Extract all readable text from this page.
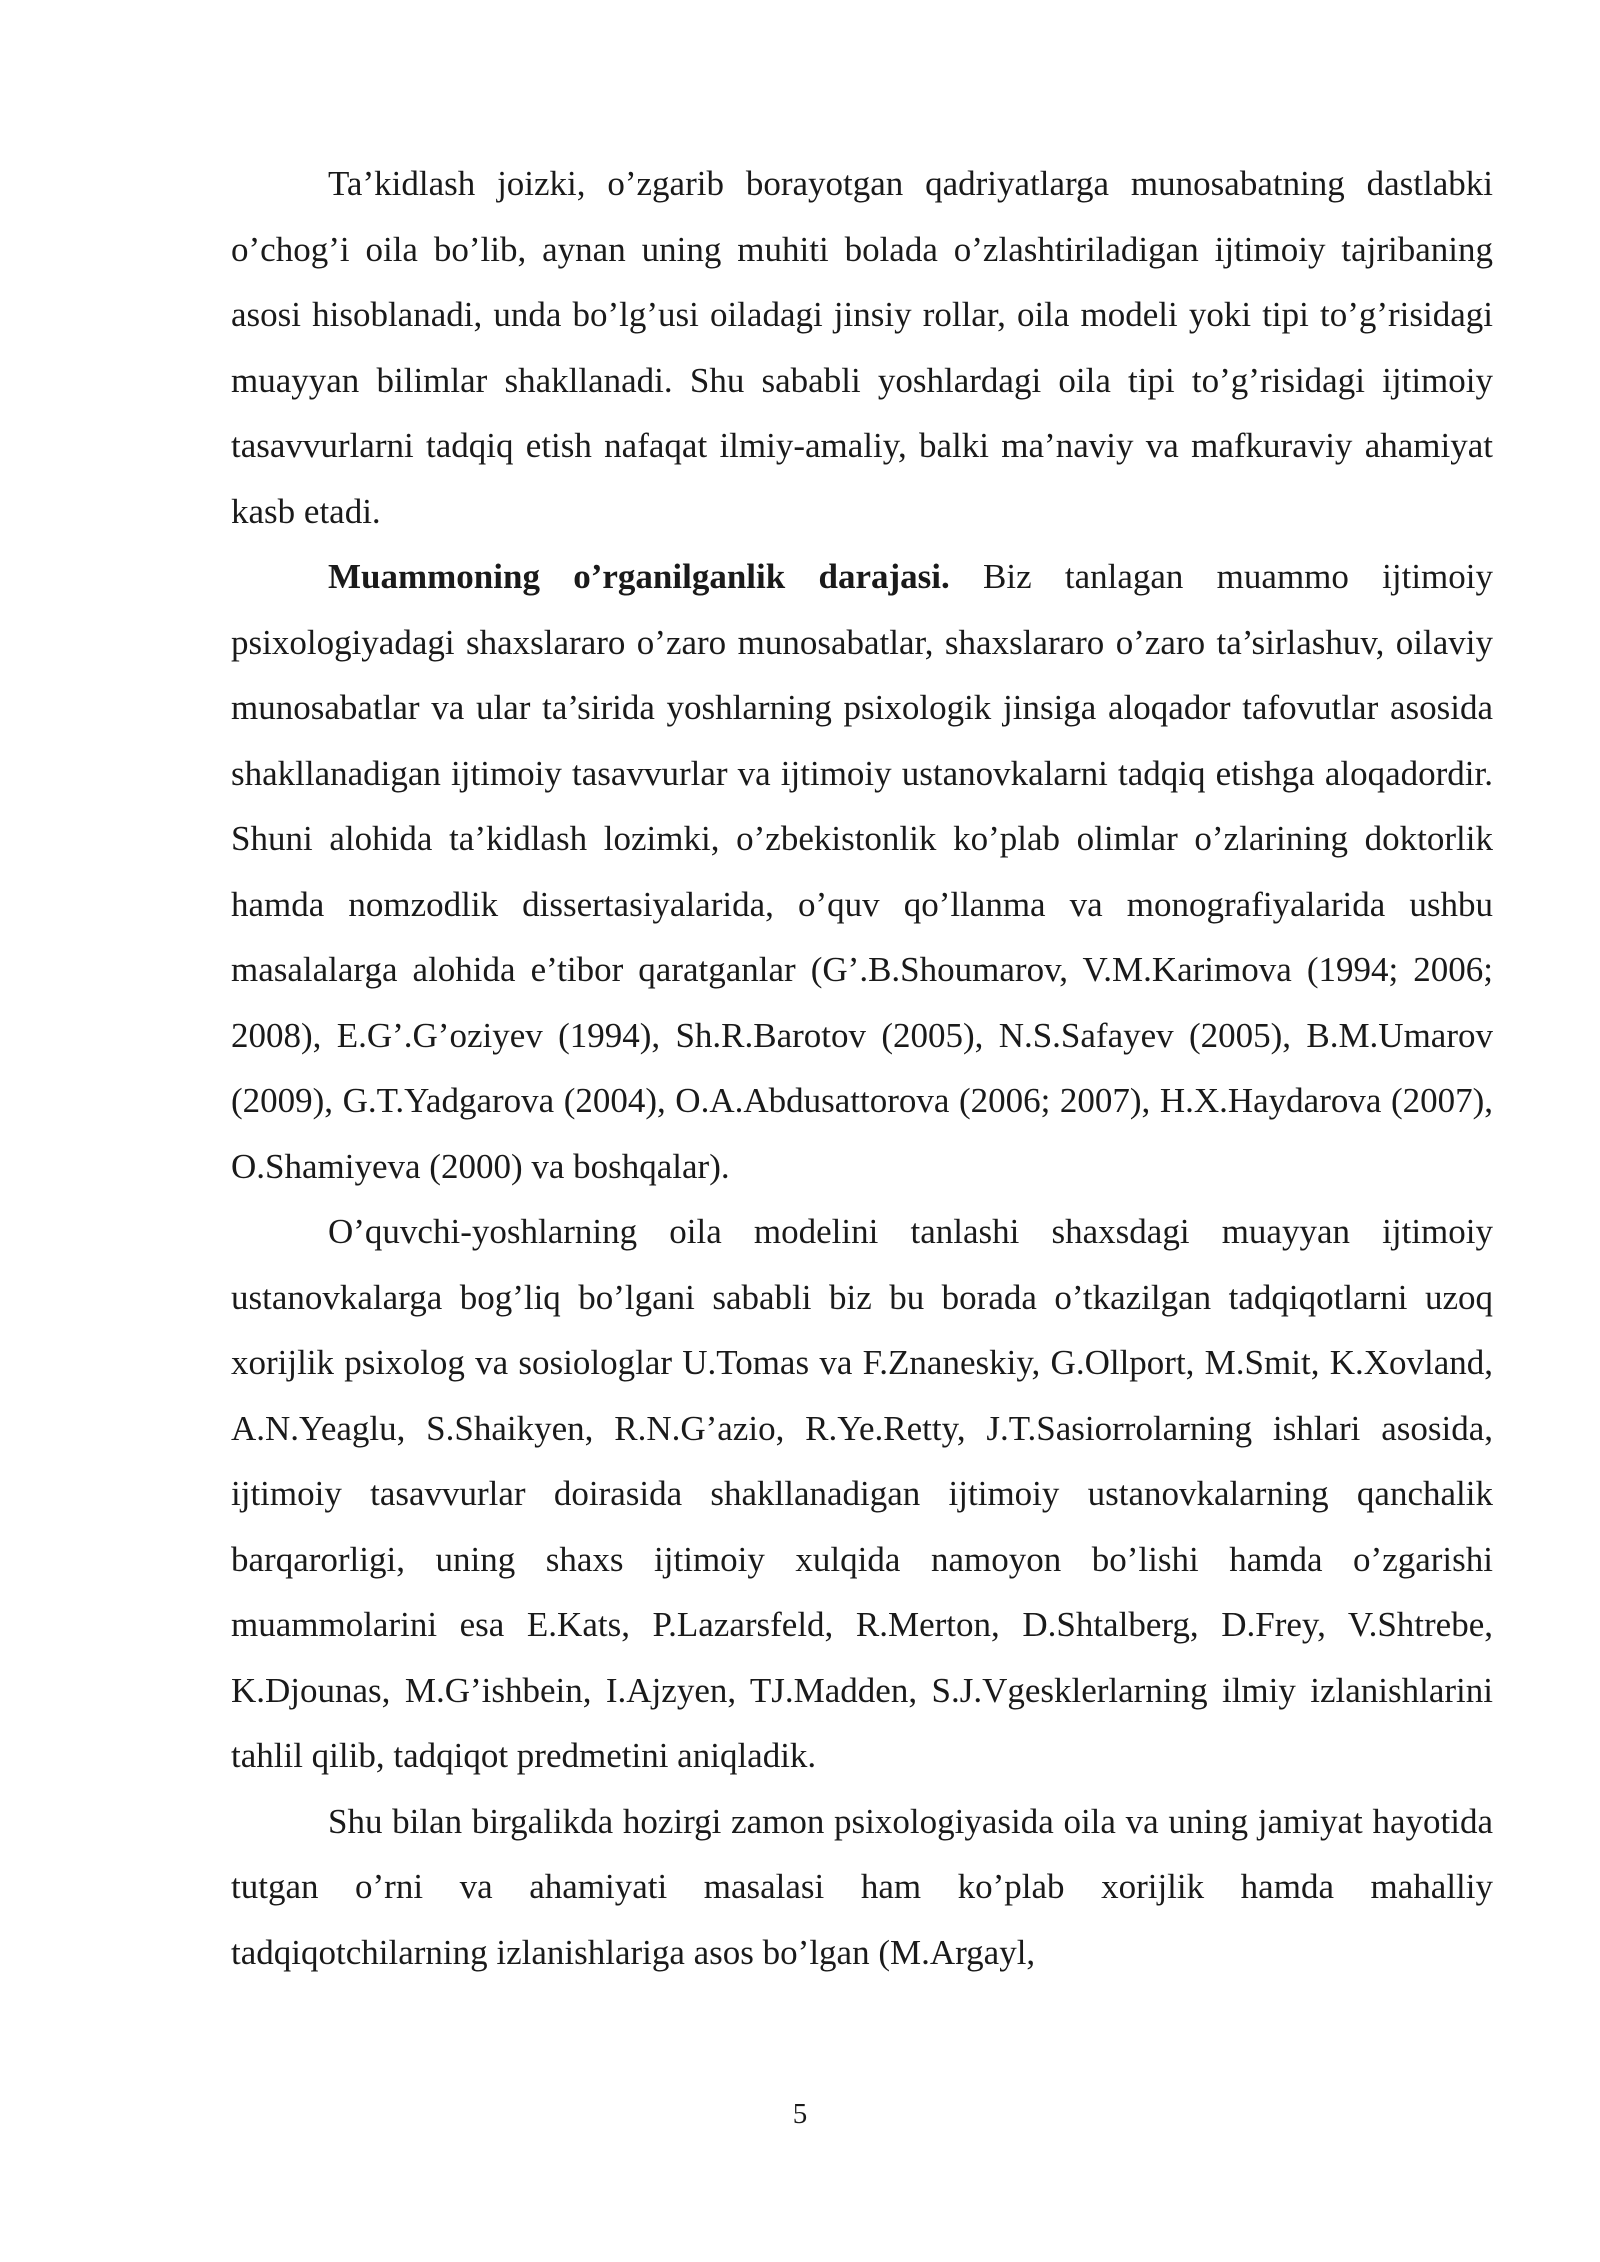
Ta’kidlash joizki, o’zgarib borayotgan qadriyatlarga munosabatning dastlabki o’chog’i oila bo’lib, aynan uning muhiti bolada o’zlashtiriladigan ijtimoiy tajribaning asosi hisoblanadi, unda bo’lg’usi oiladagi jinsiy rollar, oila modeli yoki tipi to’g’risidagi muayyan bilimlar shakllanadi. Shu sababli yoshlardagi oila tipi to’g’risidagi ijtimoiy tasavvurlarni tadqiq etish nafaqat ilmiy-amaliy, balki ma’naviy va mafkuraviy ahamiyat kasb etadi.

Muammoning o’rganilganlik darajasi. Biz tanlagan muammo ijtimoiy psixologiyadagi shaxslararo o’zaro munosabatlar, shaxslararo o’zaro ta’sirlashuv, oilaviy munosabatlar va ular ta’sirida yoshlarning psixologik jinsiga aloqador tafovutlar asosida shakllanadigan ijtimoiy tasavvurlar va ijtimoiy ustanovkalarni tadqiq etishga aloqadordir. Shuni alohida ta’kidlash lozimki, o’zbekistonlik ko’plab olimlar o’zlarining doktorlik hamda nomzodlik dissertasiyalarida, o’quv qo’llanma va monografiyalarida ushbu masalalarga alohida e’tibor qaratganlar (G’.B.Shoumarov, V.M.Karimova (1994; 2006; 2008), E.G’.G’oziyev (1994), Sh.R.Barotov (2005), N.S.Safayev (2005), B.M.Umarov (2009), G.T.Yadgarova (2004), O.A.Abdusattorova (2006; 2007), H.X.Haydarova (2007), O.Shamiyeva (2000) va boshqalar).

O’quvchi-yoshlarning oila modelini tanlashi shaxsdagi muayyan ijtimoiy ustanovkalarga bog’liq bo’lgani sababli biz bu borada o’tkazilgan tadqiqotlarni uzoq xorijlik psixolog va sosiologlar U.Tomas va F.Znaneskiy, G.Ollport, M.Smit, K.Xovland, A.N.Yeaglu, S.Shaikyen, R.N.G’azio, R.Ye.Retty, J.T.Sasiorrolarning ishlari asosida, ijtimoiy tasavvurlar doirasida shakllanadigan ijtimoiy ustanovkalarning qanchalik barqarorligi, uning shaxs ijtimoiy xulqida namoyon bo’lishi hamda o’zgarishi muammolarini esa E.Kats, P.Lazarsfeld, R.Merton, D.Shtalberg, D.Frey, V.Shtrebe, K.Djounas, M.G’ishbein, I.Ajzyen, TJ.Madden, S.J.Vgesklerlarning ilmiy izlanishlarini tahlil qilib, tadqiqot predmetini aniqladik.

Shu bilan birgalikda hozirgi zamon psixologiyasida oila va uning jamiyat hayotida tutgan o’rni va ahamiyati masalasi ham ko’plab xorijlik hamda mahalliy tadqiqotchilarning izlanishlariga asos bo’lgan (M.Argayl,

5
